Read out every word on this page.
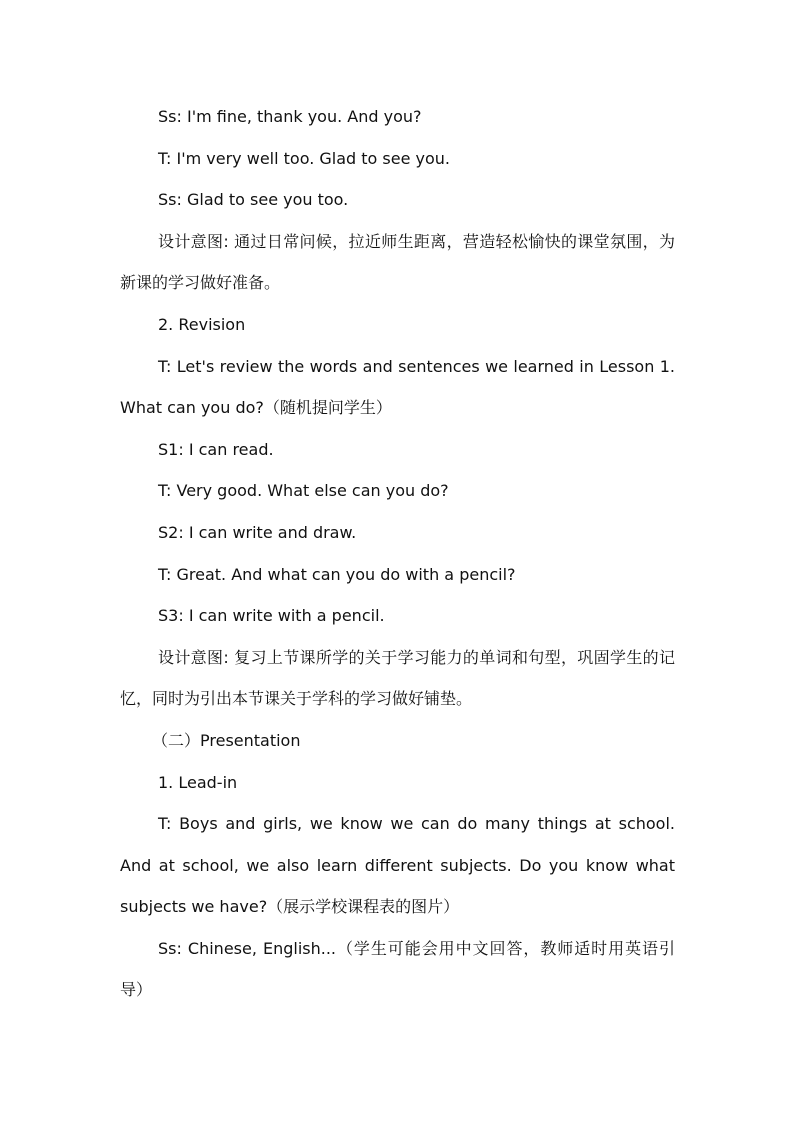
Ss: I'm fine, thank you. And you?

T: I'm very well too. Glad to see you.

Ss: Glad to see you too.

设计意图: 通过日常问候，拉近师生距离，营造轻松愉快的课堂氛围，为新课的学习做好准备。

2. Revision

T: Let's review the words and sentences we learned in Lesson 1. What can you do?（随机提问学生）

S1: I can read.

T: Very good. What else can you do?

S2: I can write and draw.

T: Great. And what can you do with a pencil?

S3: I can write with a pencil.

设计意图: 复习上节课所学的关于学习能力的单词和句型，巩固学生的记忆，同时为引出本节课关于学科的学习做好铺垫。

（二）Presentation

1. Lead-in

T: Boys and girls, we know we can do many things at school. And at school, we also learn different subjects. Do you know what subjects we have?（展示学校课程表的图片）

Ss: Chinese, English...（学生可能会用中文回答，教师适时用英语引导）
